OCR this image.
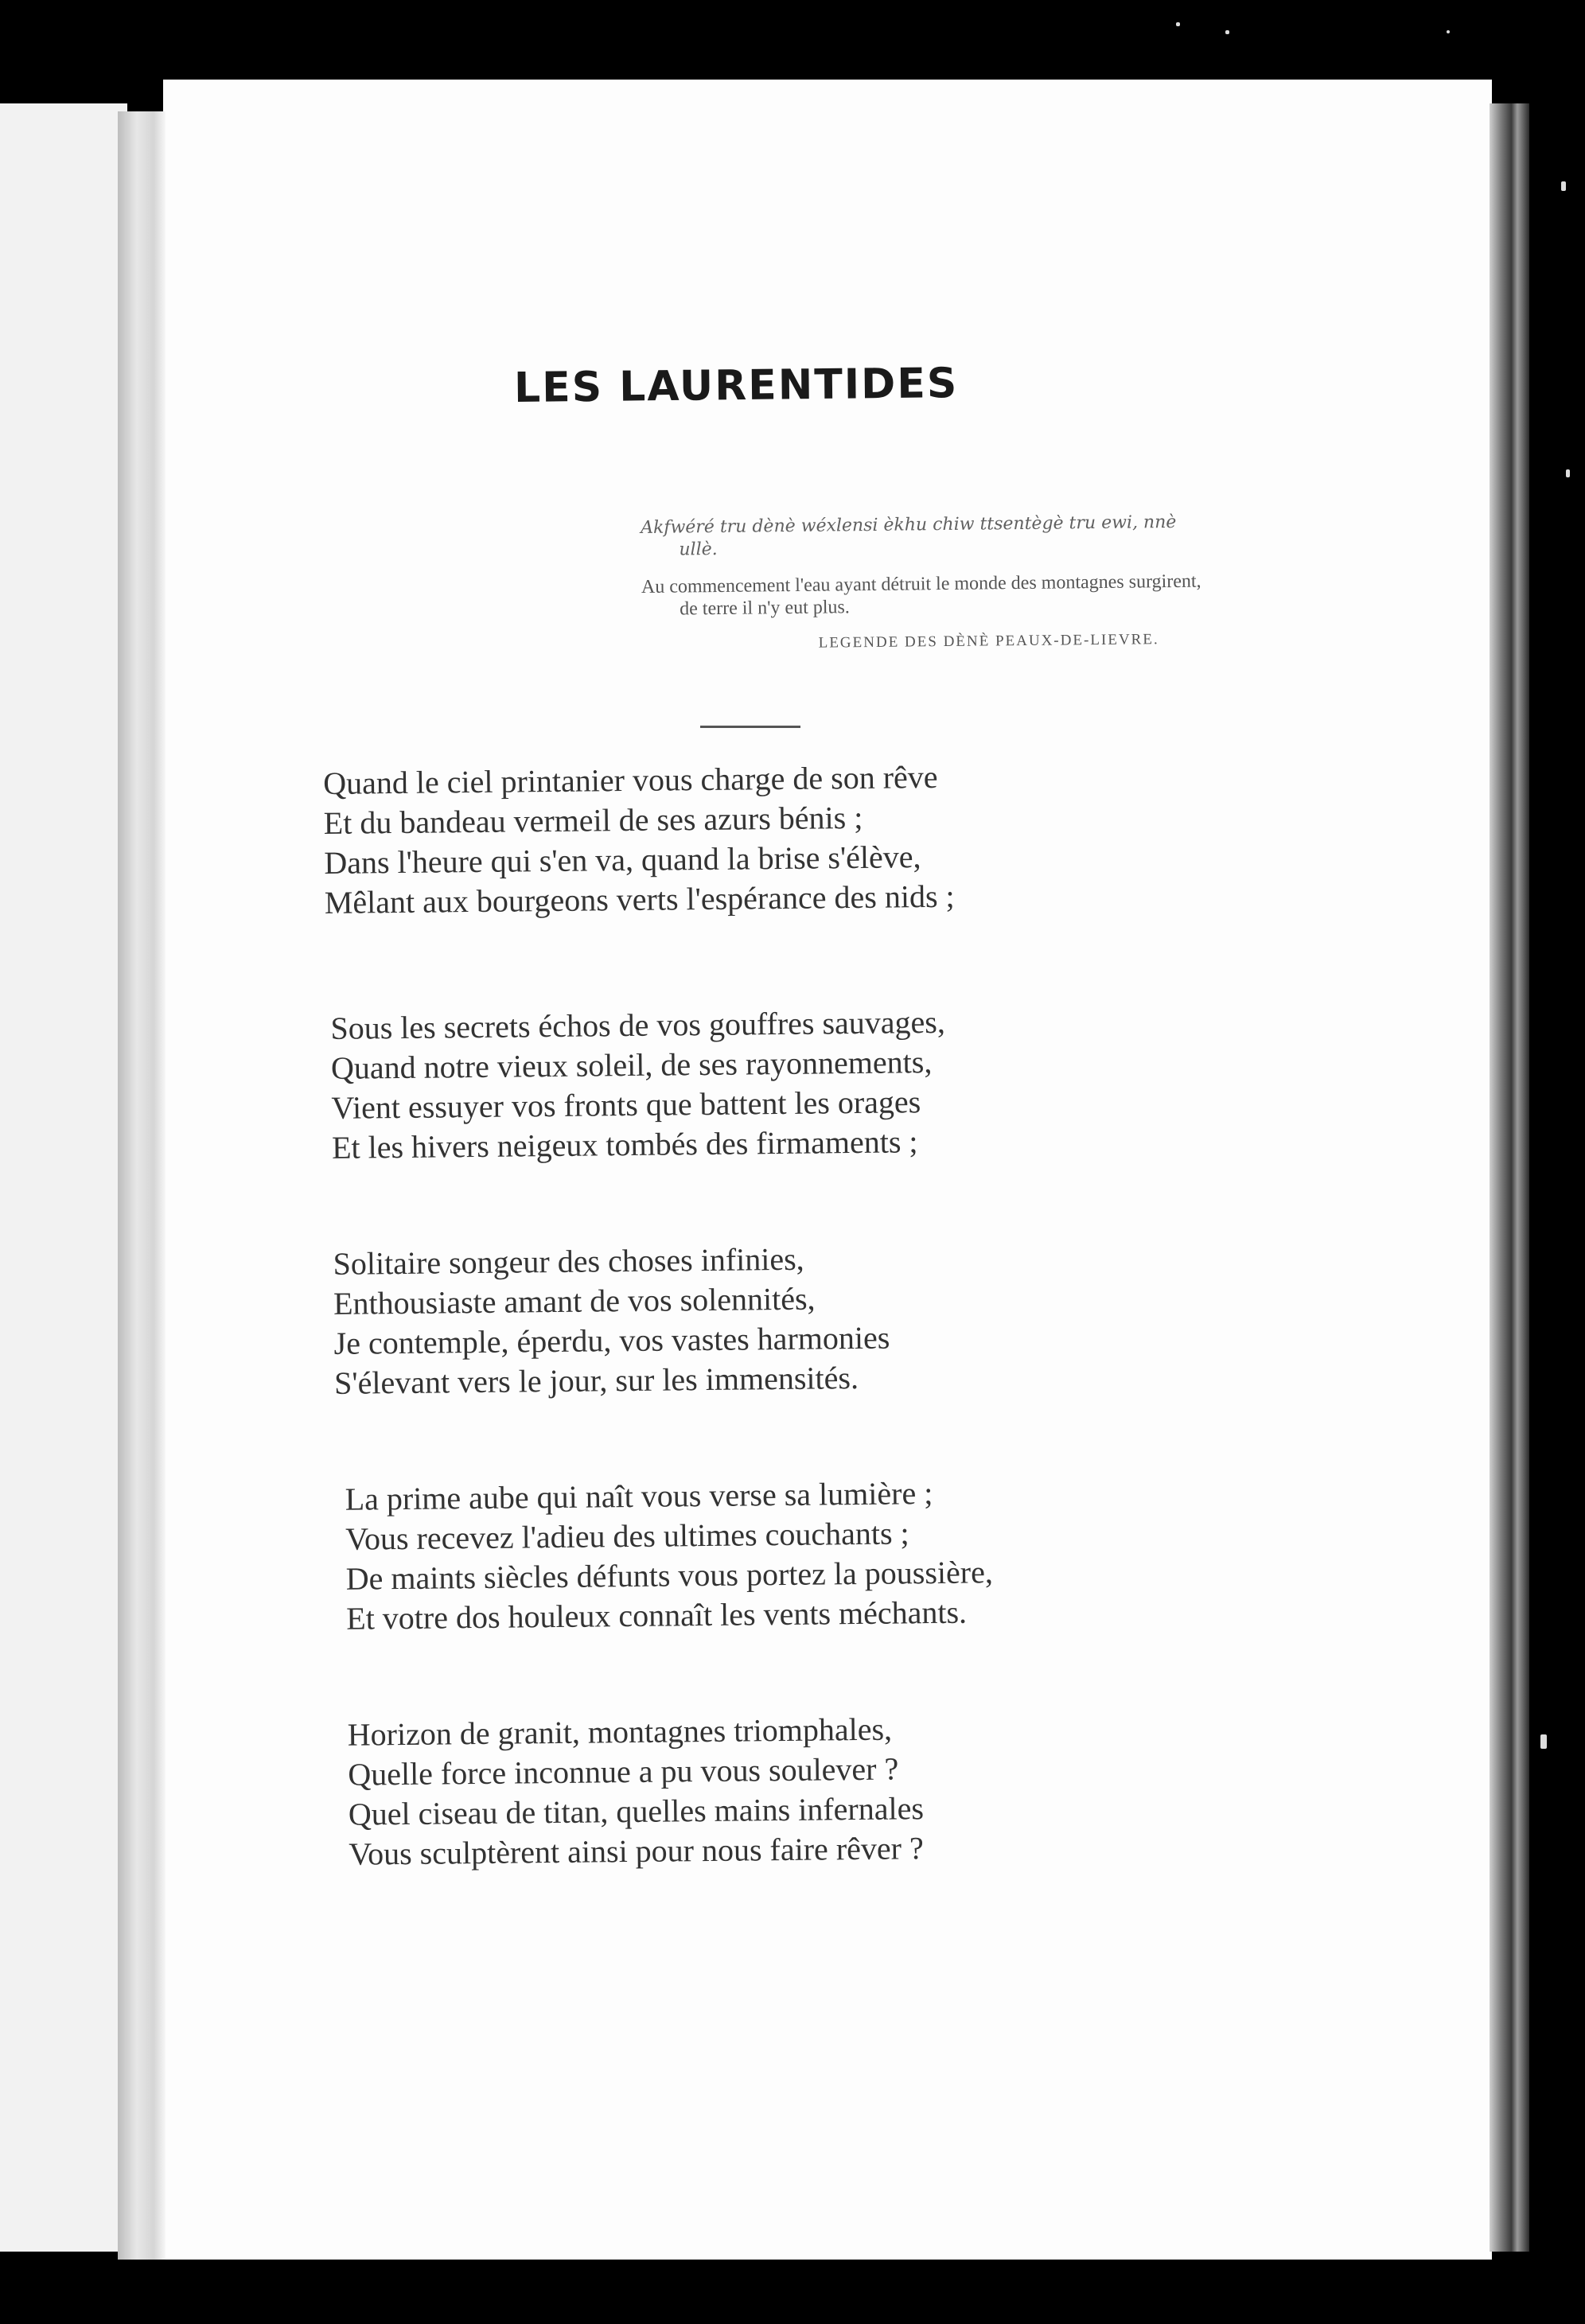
LES LAURENTIDES

Akfwéré tru dènè wéxlensi èkhu chiw ttsentègè tru ewi, nnè ullè.

Au commencement l'eau ayant détruit le monde des montagnes surgirent, de terre il n'y eut plus.

LEGENDE DES DÈNÈ PEAUX-DE-LIEVRE.
Quand le ciel printanier vous charge de son rêve
Et du bandeau vermeil de ses azurs bénis ;
Dans l'heure qui s'en va, quand la brise s'élève,
Mêlant aux bourgeons verts l'espérance des nids ;
Sous les secrets échos de vos gouffres sauvages,
Quand notre vieux soleil, de ses rayonnements,
Vient essuyer vos fronts que battent les orages
Et les hivers neigeux tombés des firmaments ;
Solitaire songeur des choses infinies,
Enthousiaste amant de vos solennités,
Je contemple, éperdu, vos vastes harmonies
S'élevant vers le jour, sur les immensités.
La prime aube qui naît vous verse sa lumière ;
Vous recevez l'adieu des ultimes couchants ;
De maints siècles défunts vous portez la poussière,
Et votre dos houleux connaît les vents méchants.
Horizon de granit, montagnes triomphales,
Quelle force inconnue a pu vous soulever ?
Quel ciseau de titan, quelles mains infernales
Vous sculptèrent ainsi pour nous faire rêver ?
